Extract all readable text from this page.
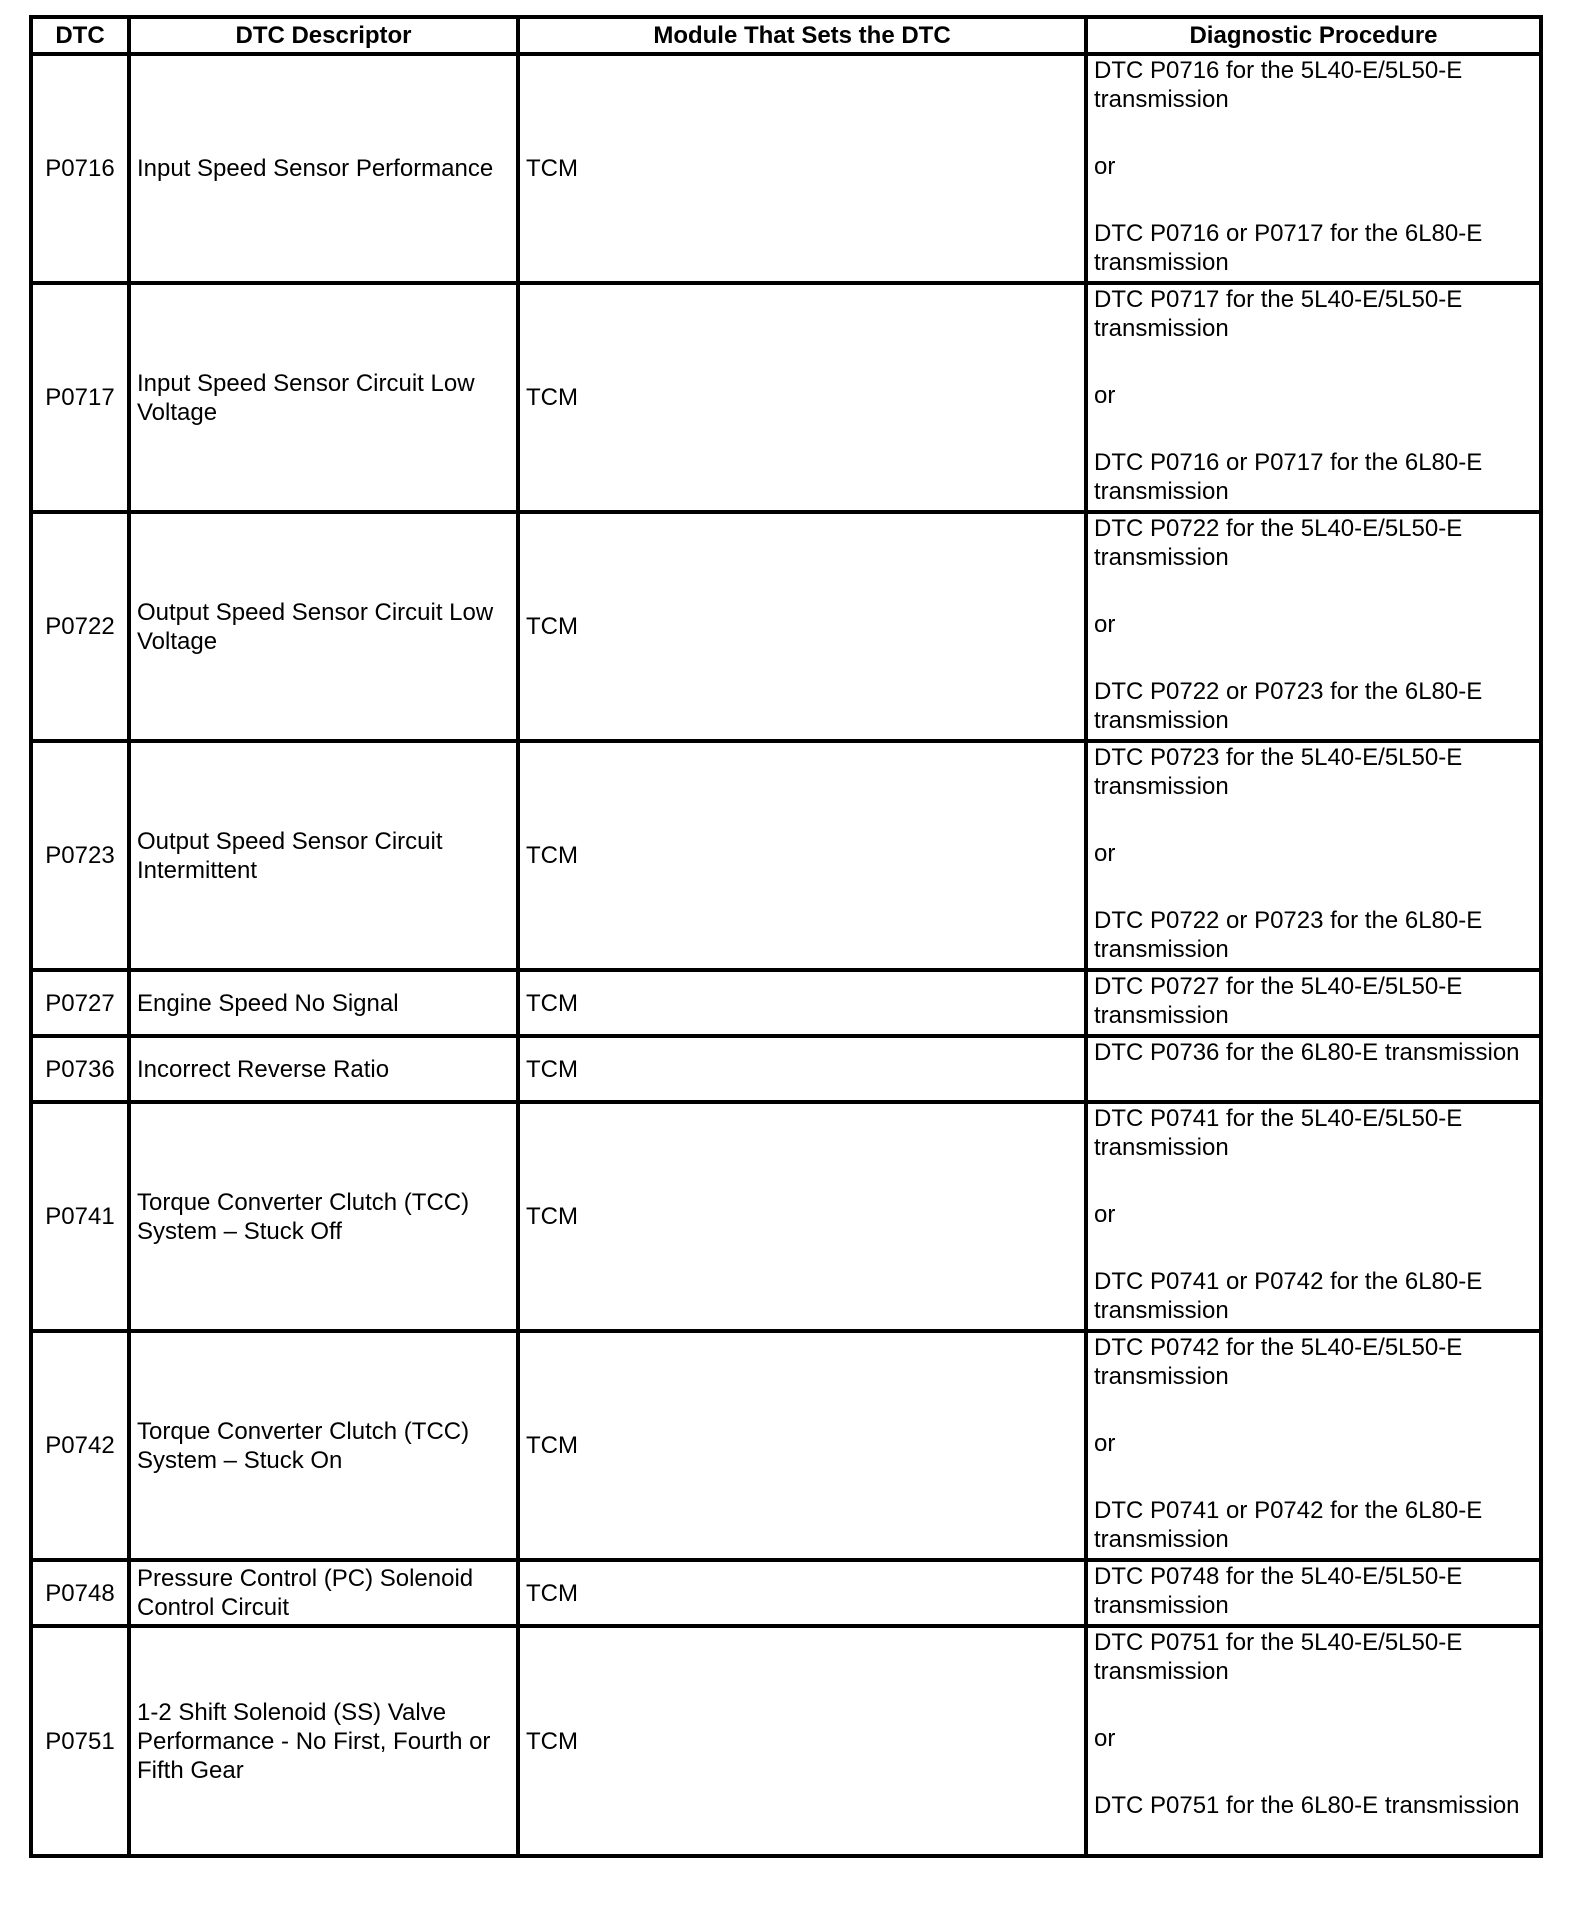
DTC	DTC Descriptor	Module That Sets the DTC	Diagnostic Procedure
P0716	Input Speed Sensor Performance	TCM	DTC P0716 for the 5L40-E/5L50-E transmission
or
DTC P0716 or P0717 for the 6L80-E transmission

P0717	Input Speed Sensor Circuit Low Voltage	TCM	DTC P0717 for the 5L40-E/5L50-E transmission
or
DTC P0716 or P0717 for the 6L80-E transmission

P0722	Output Speed Sensor Circuit Low Voltage	TCM	DTC P0722 for the 5L40-E/5L50-E transmission
or
DTC P0722 or P0723 for the 6L80-E transmission

P0723	Output Speed Sensor Circuit Intermittent	TCM	DTC P0723 for the 5L40-E/5L50-E transmission
or
DTC P0722 or P0723 for the 6L80-E transmission

P0727	Engine Speed No Signal	TCM	DTC P0727 for the 5L40-E/5L50-E transmission

P0736	Incorrect Reverse Ratio	TCM	DTC P0736 for the 6L80-E transmission

P0741	Torque Converter Clutch (TCC) System – Stuck Off	TCM	DTC P0741 for the 5L40-E/5L50-E transmission
or
DTC P0741 or P0742 for the 6L80-E transmission

P0742	Torque Converter Clutch (TCC) System – Stuck On	TCM	DTC P0742 for the 5L40-E/5L50-E transmission
or
DTC P0741 or P0742 for the 6L80-E transmission

P0748	Pressure Control (PC) Solenoid Control Circuit	TCM	DTC P0748 for the 5L40-E/5L50-E transmission

P0751	1-2 Shift Solenoid (SS) Valve Performance - No First, Fourth or Fifth Gear	TCM	DTC P0751 for the 5L40-E/5L50-E transmission
or
DTC P0751 for the 6L80-E transmission
